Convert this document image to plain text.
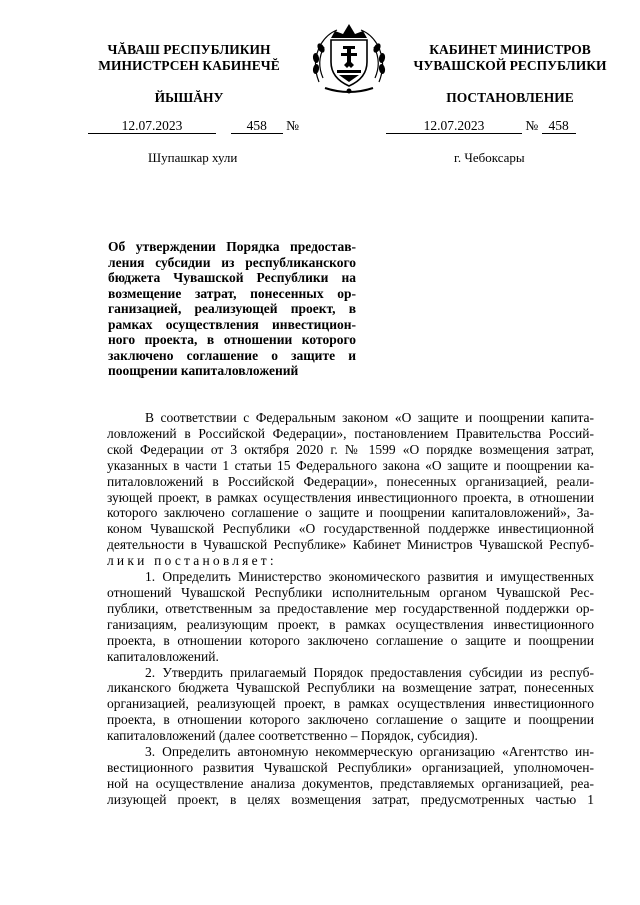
ЧĂВАШ РЕСПУБЛИКИН
МИНИСТРСЕН КАБИНЕЧĔ
ЙЫШĂНУ
КАБИНЕТ МИНИСТРОВ
ЧУВАШСКОЙ РЕСПУБЛИКИ
ПОСТАНОВЛЕНИЕ
12.07.2023	458 №	12.07.2023	№ 458
Шупашкар хули	г. Чебоксары
Об утверждении Порядка предостав-
ления субсидии из республиканского
бюджета Чувашской Республики на
возмещение затрат, понесенных ор-
ганизацией, реализующей проект, в
рамках осуществления инвестицион-
ного проекта, в отношении которого
заключено соглашение о защите и
поощрении капиталовложений
В соответствии с Федеральным законом «О защите и поощрении капита-
ловложений в Российской Федерации», постановлением Правительства Россий-
ской Федерации от 3 октября 2020 г. № 1599 «О порядке возмещения затрат,
указанных в части 1 статьи 15 Федерального закона «О защите и поощрении ка-
питаловложений в Российской Федерации», понесенных организацией, реали-
зующей проект, в рамках осуществления инвестиционного проекта, в отношении
которого заключено соглашение о защите и поощрении капиталовложений», За-
коном Чувашской Республики «О государственной поддержке инвестиционной
деятельности в Чувашской Республике» Кабинет Министров Чувашской Респуб-
лики постановляет:
1. Определить Министерство экономического развития и имущественных
отношений Чувашской Республики исполнительным органом Чувашской Рес-
публики, ответственным за предоставление мер государственной поддержки ор-
ганизациям, реализующим проект, в рамках осуществления инвестиционного
проекта, в отношении которого заключено соглашение о защите и поощрении
капиталовложений.
2. Утвердить прилагаемый Порядок предоставления субсидии из респуб-
ликанского бюджета Чувашской Республики на возмещение затрат, понесенных
организацией, реализующей проект, в рамках осуществления инвестиционного
проекта, в отношении которого заключено соглашение о защите и поощрении
капиталовложений (далее соответственно – Порядок, субсидия).
3. Определить автономную некоммерческую организацию «Агентство ин-
вестиционного развития Чувашской Республики» организацией, уполномочен-
ной на осуществление анализа документов, представляемых организацией, реа-
лизующей проект, в целях возмещения затрат, предусмотренных частью 1
